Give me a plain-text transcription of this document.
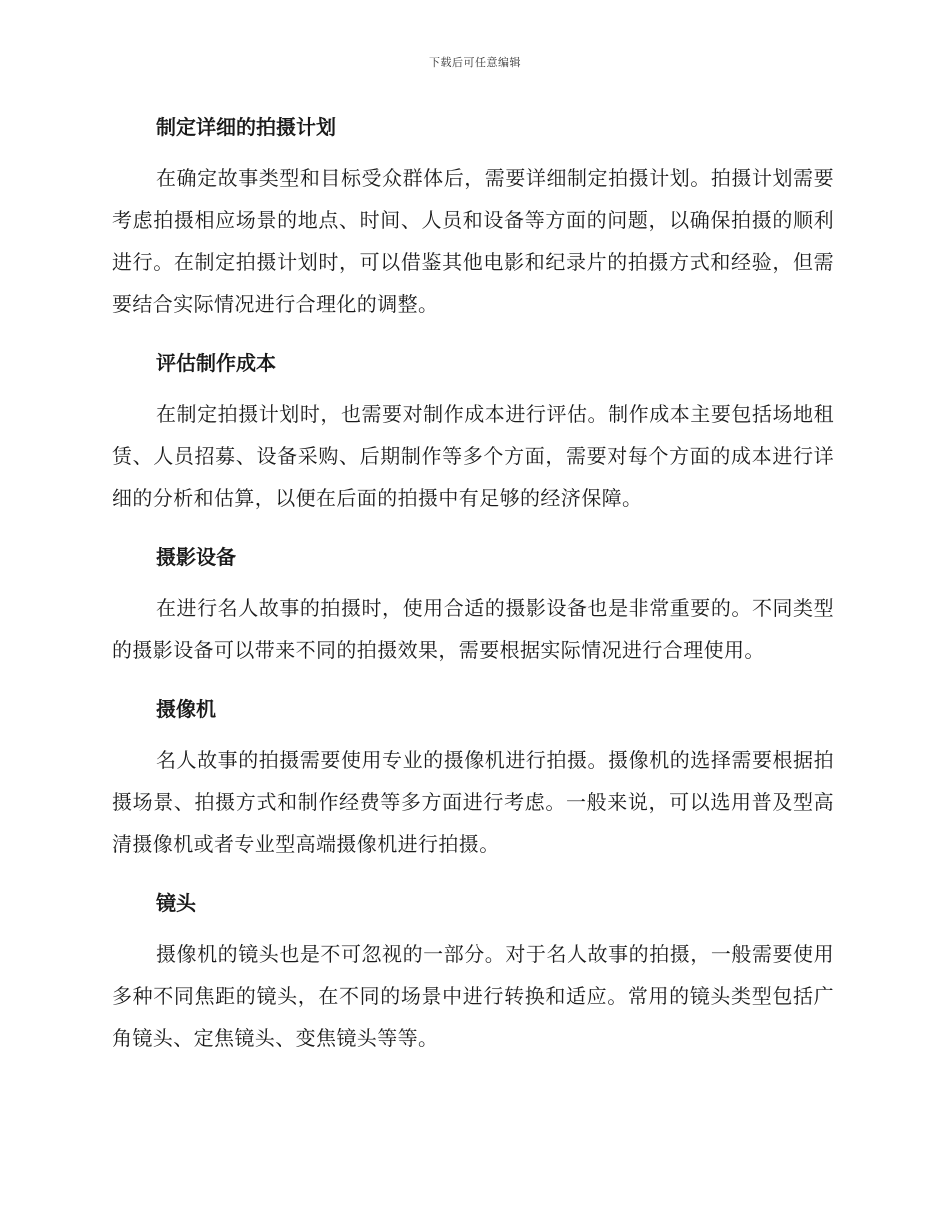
下载后可任意编辑
制定详细的拍摄计划

在确定故事类型和目标受众群体后，需要详细制定拍摄计划。拍摄计划需要考虑拍摄相应场景的地点、时间、人员和设备等方面的问题，以确保拍摄的顺利进行。在制定拍摄计划时，可以借鉴其他电影和纪录片的拍摄方式和经验，但需要结合实际情况进行合理化的调整。

评估制作成本

在制定拍摄计划时，也需要对制作成本进行评估。制作成本主要包括场地租赁、人员招募、设备采购、后期制作等多个方面，需要对每个方面的成本进行详细的分析和估算，以便在后面的拍摄中有足够的经济保障。

摄影设备

在进行名人故事的拍摄时，使用合适的摄影设备也是非常重要的。不同类型的摄影设备可以带来不同的拍摄效果，需要根据实际情况进行合理使用。

摄像机

名人故事的拍摄需要使用专业的摄像机进行拍摄。摄像机的选择需要根据拍摄场景、拍摄方式和制作经费等多方面进行考虑。一般来说，可以选用普及型高清摄像机或者专业型高端摄像机进行拍摄。

镜头

摄像机的镜头也是不可忽视的一部分。对于名人故事的拍摄，一般需要使用多种不同焦距的镜头，在不同的场景中进行转换和适应。常用的镜头类型包括广角镜头、定焦镜头、变焦镜头等等。
